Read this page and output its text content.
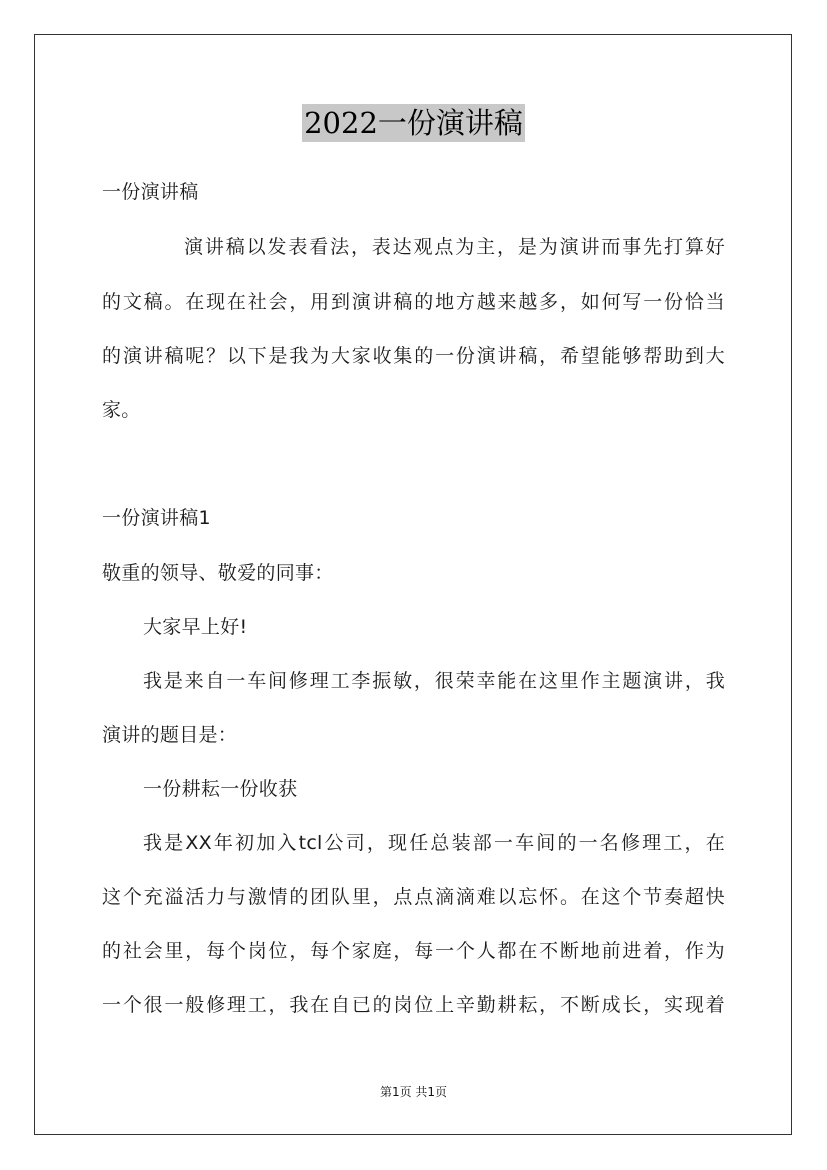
2022一份演讲稿
一份演讲稿
演讲稿以发表看法，表达观点为主，是为演讲而事先打算好
的文稿。在现在社会，用到演讲稿的地方越来越多，如何写一份恰当
的演讲稿呢？以下是我为大家收集的一份演讲稿，希望能够帮助到大
家。
一份演讲稿1
敬重的领导、敬爱的同事：
大家早上好!
我是来自一车间修理工李振敏，很荣幸能在这里作主题演讲，我
演讲的题目是：
一份耕耘一份收获
我是XX年初加入tcl公司，现任总装部一车间的一名修理工，在
这个充溢活力与激情的团队里，点点滴滴难以忘怀。在这个节奏超快
的社会里，每个岗位，每个家庭，每一个人都在不断地前进着，作为
一个很一般修理工，我在自已的岗位上辛勤耕耘，不断成长，实现着
第1页 共1页
